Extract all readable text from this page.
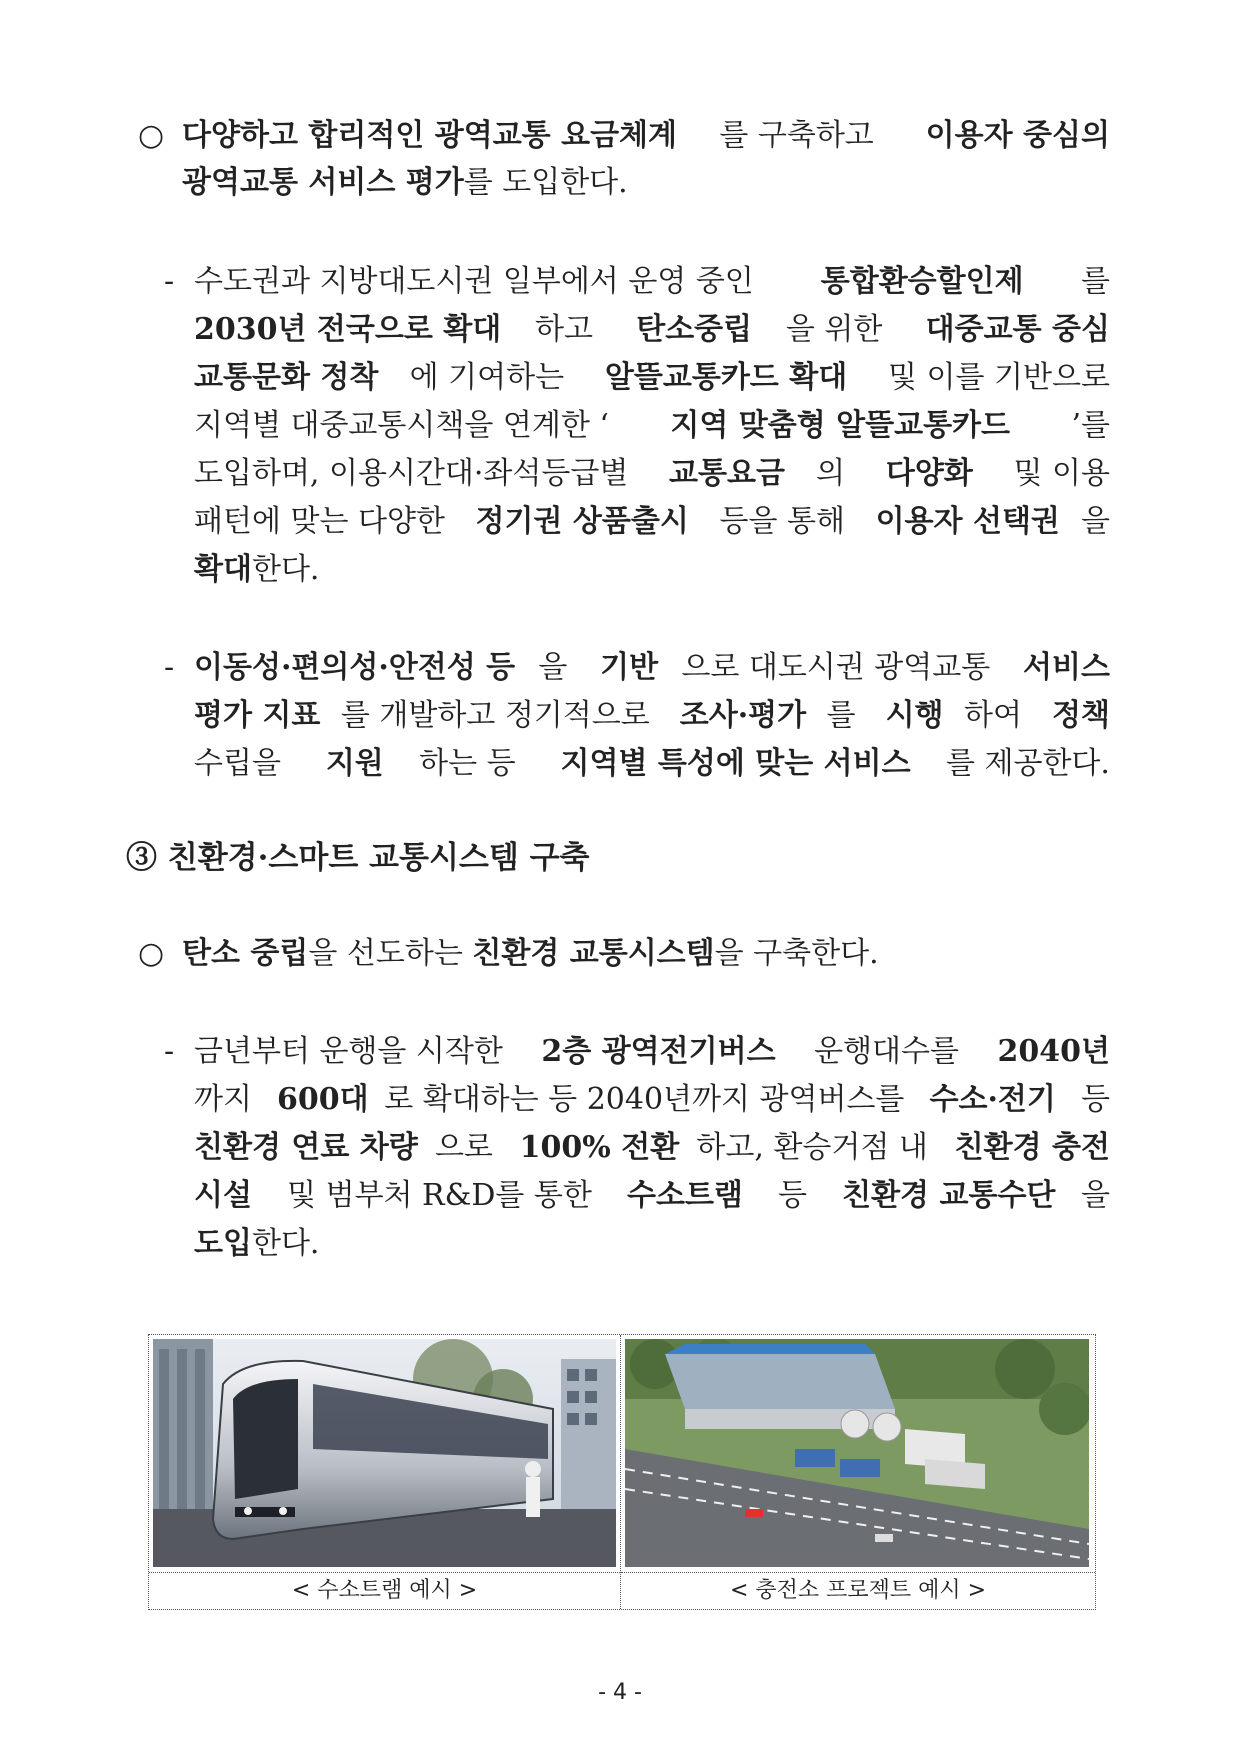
○ 다양하고 합리적인 광역교통 요금체계 를 구축하고 이용자 중심의
광역교통 서비스 평가를 도입한다.
- 수도권과 지방대도시권 일부에서 운영 중인 통합환승할인제 를
2030년 전국으로 확대 하고 탄소중립 을 위한 대중교통 중심
교통문화 정착 에 기여하는 알뜰교통카드 확대 및 이를 기반으로
지역별 대중교통시책을 연계한 ‘ 지역 맞춤형 알뜰교통카드 ’를
도입하며, 이용시간대·좌석등급별 교통요금 의 다양화 및 이용
패턴에 맞는 다양한 정기권 상품출시 등을 통해 이용자 선택권 을
확대한다.
- 이동성·편의성·안전성 등 을 기반 으로 대도시권 광역교통 서비스
평가 지표 를 개발하고 정기적으로 조사·평가 를 시행 하여 정책
수립을 지원 하는 등 지역별 특성에 맞는 서비스 를 제공한다.
③ 친환경·스마트 교통시스템 구축
○ 탄소 중립을 선도하는 친환경 교통시스템을 구축한다.
- 금년부터 운행을 시작한 2층 광역전기버스 운행대수를 2040년
까지 600대 로 확대하는 등 2040년까지 광역버스를 수소·전기 등
친환경 연료 차량 으로 100% 전환 하고, 환승거점 내 친환경 충전
시설 및 범부처 R&D를 통한 수소트램 등 친환경 교통수단 을
도입한다.
< 수소트램 예시 >	< 충전소 프로젝트 예시 >
- 4 -
